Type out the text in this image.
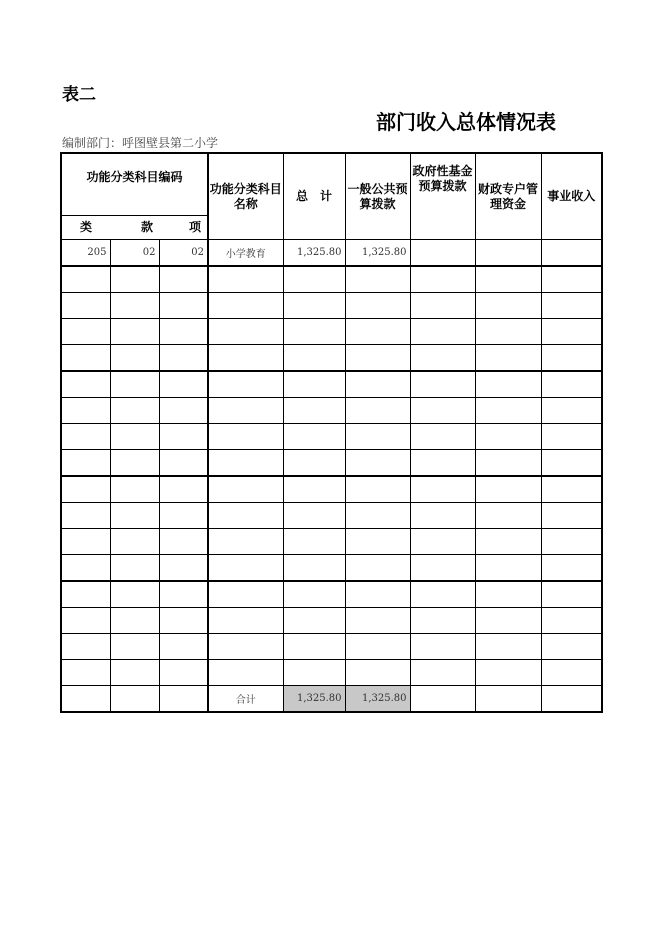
表二
部门收入总体情况表
编制部门：呼图壁县第二小学
功能分类科目编码			功能分类科目名称	总　计	一般公共预算拨款	政府性基金预算拨款	财政专户管理资金	事业收入
类	款	项						
205	02	02	小学教育	1,325.80	1,325.80			

			合计	1,325.80	1,325.80			
